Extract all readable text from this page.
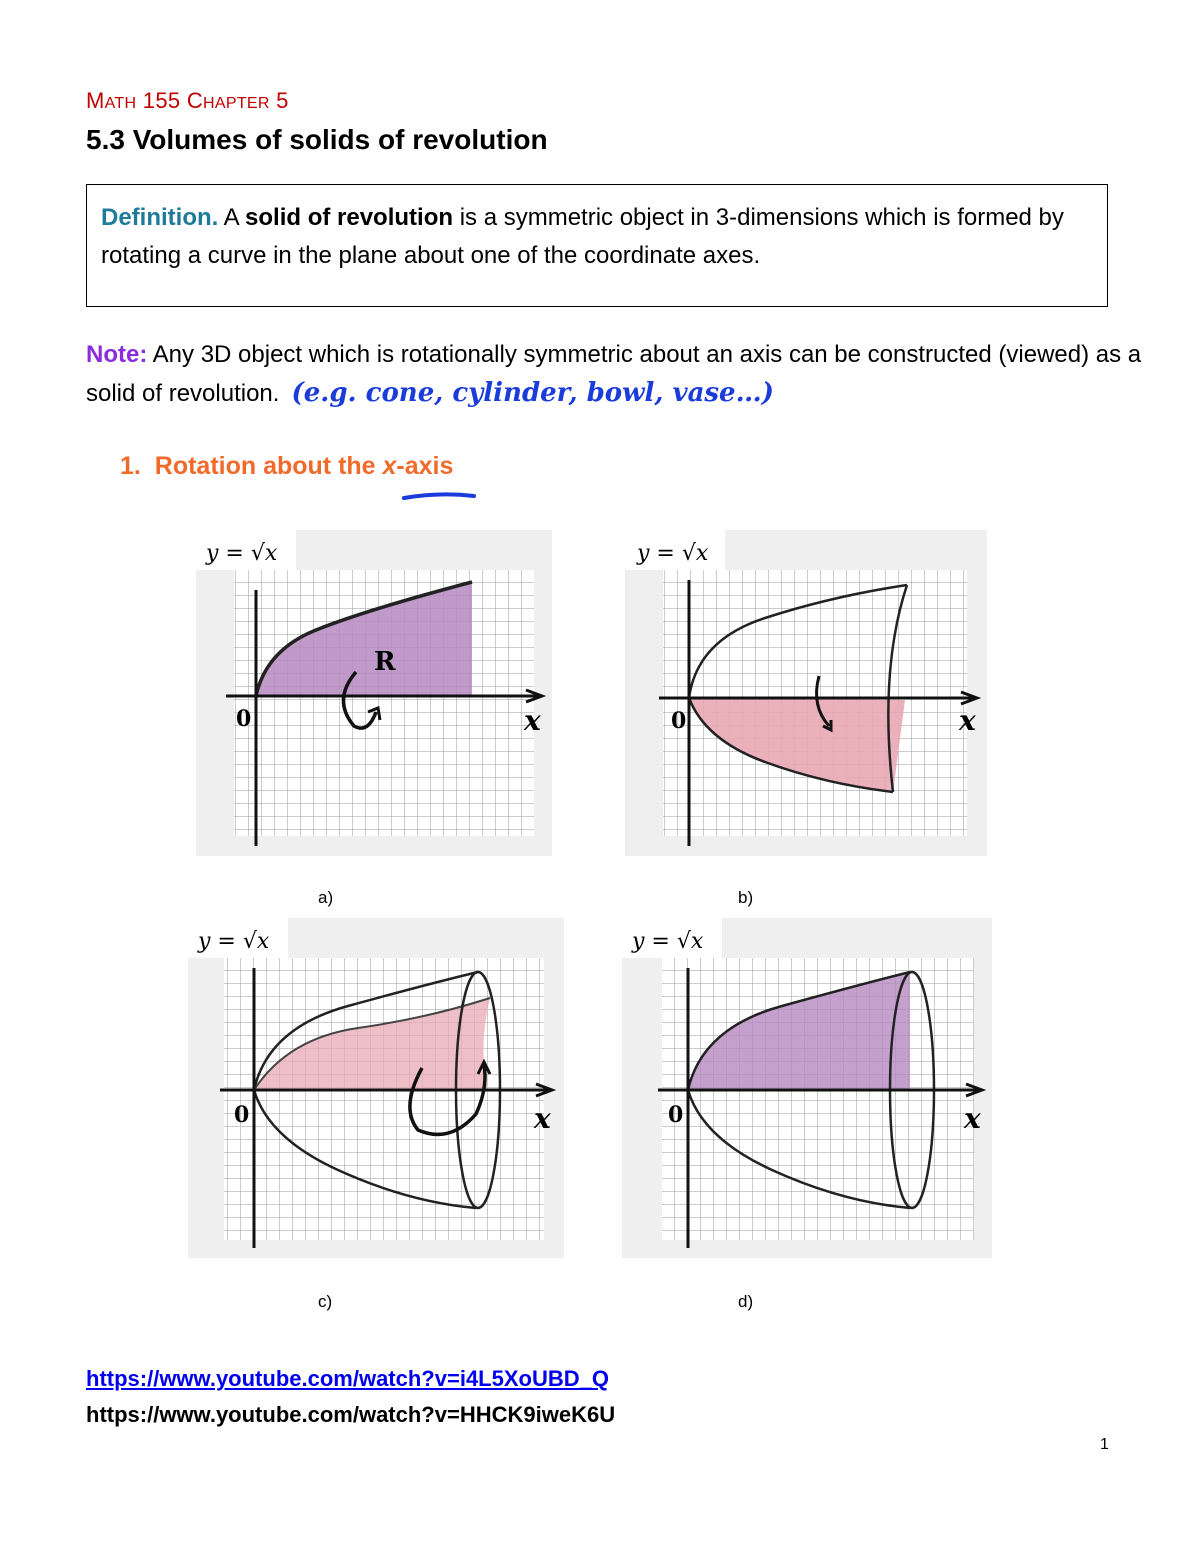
MATH 155 CHAPTER 5
5.3 Volumes of solids of revolution
Definition. A solid of revolution is a symmetric object in 3-dimensions which is formed by rotating a curve in the plane about one of the coordinate axes.
Note: Any 3D object which is rotationally symmetric about an axis can be constructed (viewed) as a solid of revolution. (e.g. cone, cylinder, bowl, vase…)
1. Rotation about the x-axis
y = √x
0	x
R
a)
y = √x
0	x
b)
y = √x
0	x
c)
y = √x
0	x
d)
https://www.youtube.com/watch?v=i4L5XoUBD_Q
https://www.youtube.com/watch?v=HHCK9iweK6U
1
